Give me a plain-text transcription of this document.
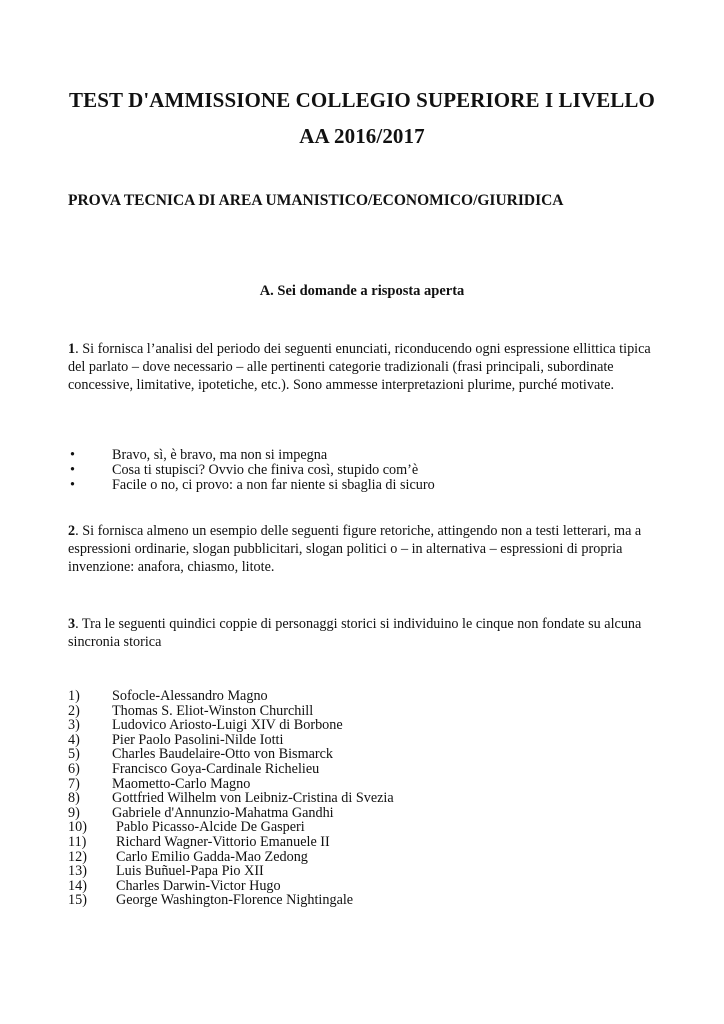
TEST D'AMMISSIONE COLLEGIO SUPERIORE I LIVELLO
AA 2016/2017
PROVA TECNICA DI AREA UMANISTICO/ECONOMICO/GIURIDICA
A. Sei domande a risposta aperta
1. Si fornisca l’analisi del periodo dei seguenti enunciati, riconducendo ogni espressione ellittica tipica del parlato – dove necessario – alle pertinenti categorie tradizionali (frasi principali, subordinate concessive, limitative, ipotetiche, etc.). Sono ammesse interpretazioni plurime, purché motivate.
•	Bravo, sì, è bravo, ma non si impegna
•	Cosa ti stupisci? Ovvio che finiva così, stupido com’è
•	Facile o no, ci provo: a non far niente si sbaglia di sicuro
2. Si fornisca almeno un esempio delle seguenti figure retoriche, attingendo non a testi letterari, ma a espressioni ordinarie, slogan pubblicitari, slogan politici o – in alternativa – espressioni di propria invenzione: anafora, chiasmo, litote.
3. Tra le seguenti quindici coppie di personaggi storici si individuino le cinque non fondate su alcuna sincronia storica
1) Sofocle-Alessandro Magno
2) Thomas S. Eliot-Winston Churchill
3) Ludovico Ariosto-Luigi XIV di Borbone
4) Pier Paolo Pasolini-Nilde Iotti
5) Charles Baudelaire-Otto von Bismarck
6) Francisco Goya-Cardinale Richelieu
7) Maometto-Carlo Magno
8) Gottfried Wilhelm von Leibniz-Cristina di Svezia
9) Gabriele d'Annunzio-Mahatma Gandhi
10) Pablo Picasso-Alcide De Gasperi
11) Richard Wagner-Vittorio Emanuele II
12) Carlo Emilio Gadda-Mao Zedong
13) Luis Buñuel-Papa Pio XII
14) Charles Darwin-Victor Hugo
15) George Washington-Florence Nightingale
